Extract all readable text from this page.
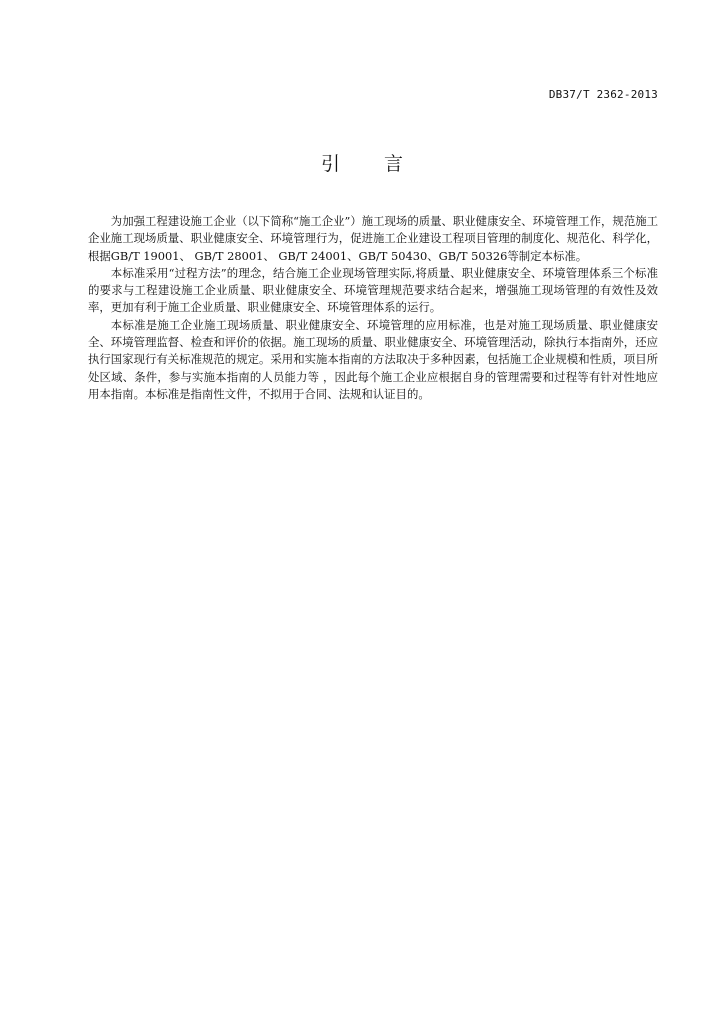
DB37/T 2362-2013
引言

为加强工程建设施工企业（以下简称“施工企业”）施工现场的质量、职业健康安全、环境管理工作，规范施工企业施工现场质量、职业健康安全、环境管理行为，促进施工企业建设工程项目管理的制度化、规范化、科学化，根据GB/T 19001、 GB/T 28001、 GB/T 24001、GB/T 50430、GB/T 50326等制定本标准。

本标准采用“过程方法”的理念，结合施工企业现场管理实际,将质量、职业健康安全、环境管理体系三个标准的要求与工程建设施工企业质量、职业健康安全、环境管理规范要求结合起来，增强施工现场管理的有效性及效率，更加有利于施工企业质量、职业健康安全、环境管理体系的运行。

本标准是施工企业施工现场质量、职业健康安全、环境管理的应用标准，也是对施工现场质量、职业健康安全、环境管理监督、检查和评价的依据。施工现场的质量、职业健康安全、环境管理活动，除执行本指南外，还应执行国家现行有关标准规范的规定。采用和实施本指南的方法取决于多种因素，包括施工企业规模和性质，项目所处区域、条件，参与实施本指南的人员能力等 ，因此每个施工企业应根据自身的管理需要和过程等有针对性地应用本指南。本标准是指南性文件，不拟用于合同、法规和认证目的。
